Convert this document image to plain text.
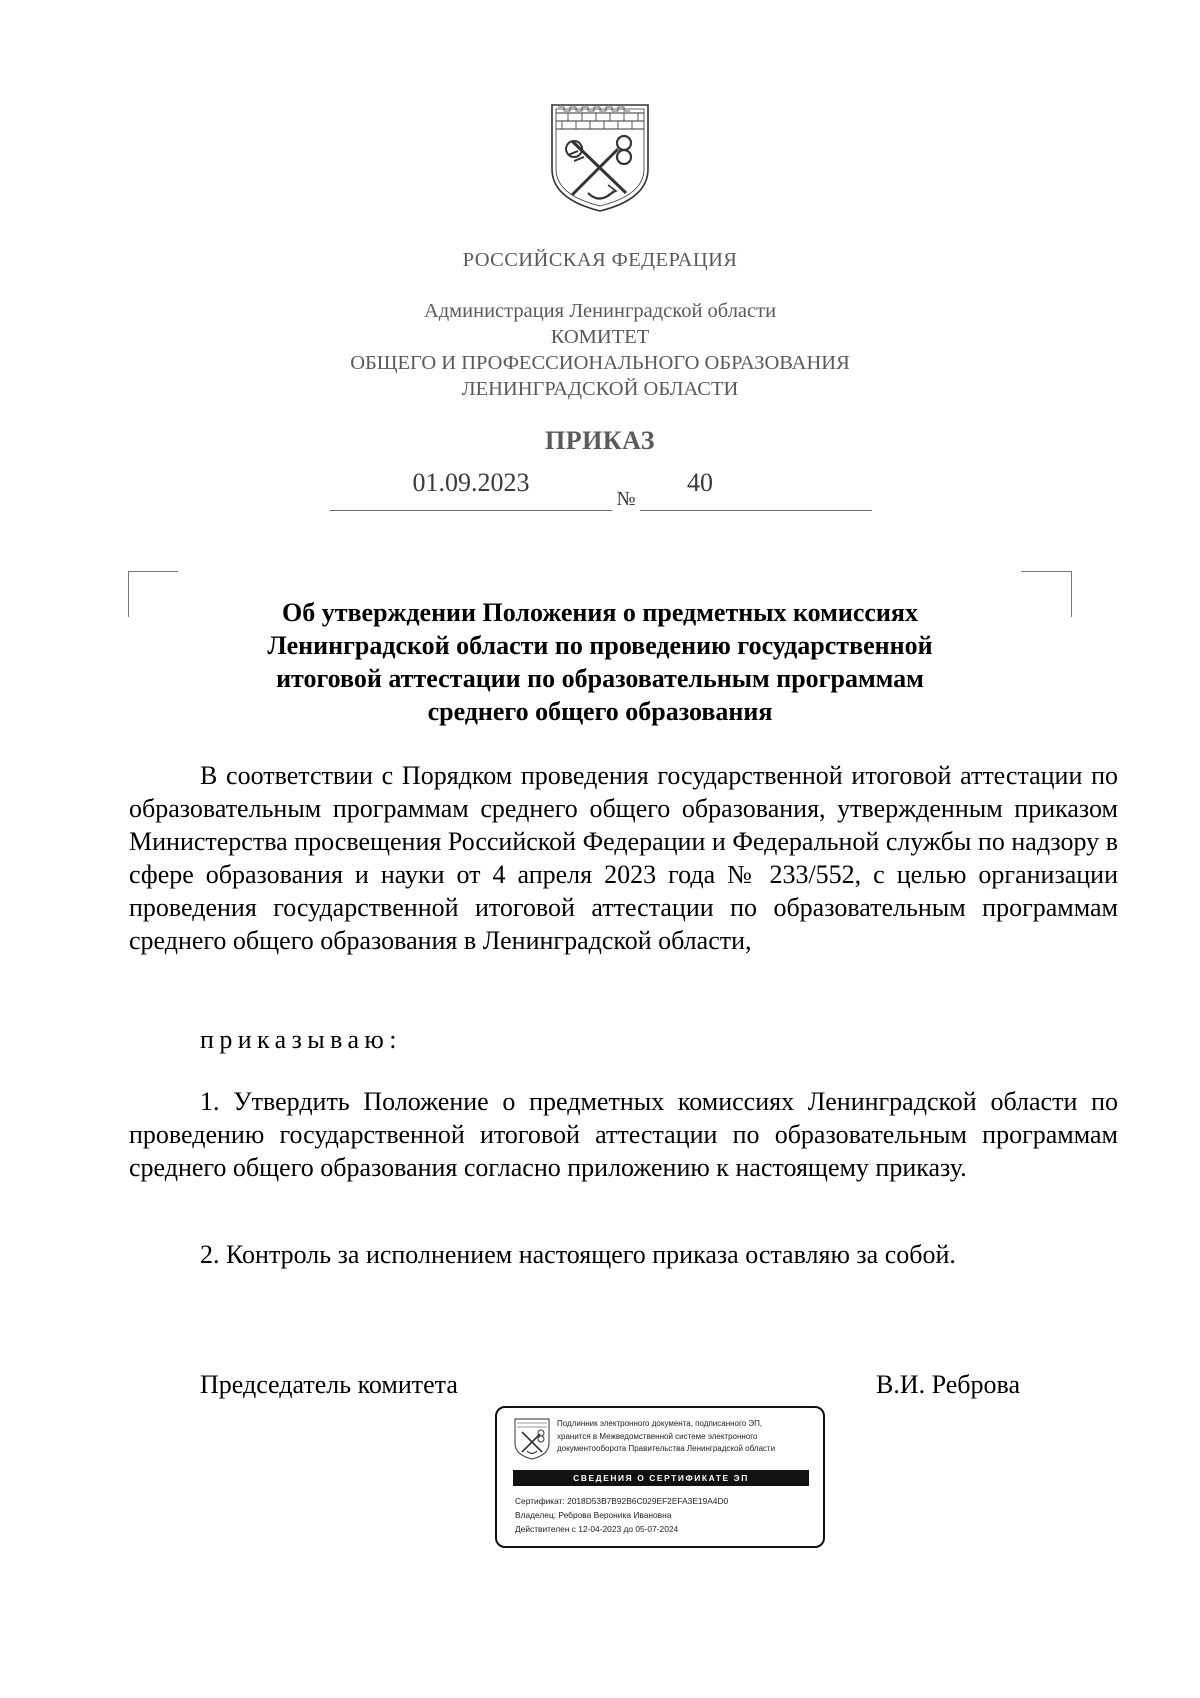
РОССИЙСКАЯ ФЕДЕРАЦИЯ
Администрация Ленинградской области
КОМИТЕТ
ОБЩЕГО И ПРОФЕССИОНАЛЬНОГО ОБРАЗОВАНИЯ
ЛЕНИНГРАДСКОЙ ОБЛАСТИ
ПРИКАЗ
01.09.2023
№
40
Об утверждении Положения о предметных комиссиях
Ленинградской области по проведению государственной
итоговой аттестации по образовательным программам
среднего общего образования
В соответствии с Порядком проведения государственной итоговой аттестации по образовательным программам среднего общего образования, утвержденным приказом Министерства просвещения Российской Федерации и Федеральной службы по надзору в сфере образования и науки от 4 апреля 2023 года № 233/552, с целью организации проведения государственной итоговой аттестации по образовательным программам среднего общего образования в Ленинградской области,
приказываю:
1. Утвердить Положение о предметных комиссиях Ленинградской области по проведению государственной итоговой аттестации по образовательным программам среднего общего образования согласно приложению к настоящему приказу.
2. Контроль за исполнением настоящего приказа оставляю за собой.
Председатель комитета	В.И. Реброва
Подлинник электронного документа, подписанного ЭП,
хранится в Межведомственной системе электронного
документооборота Правительства Ленинградской области
СВЕДЕНИЯ О СЕРТИФИКАТЕ ЭП
Сертификат: 2018D53B7B92B6C029EF2EFA3E19A4D0
Владелец: Реброва Вероника Ивановна
Действителен с 12-04-2023 до 05-07-2024
